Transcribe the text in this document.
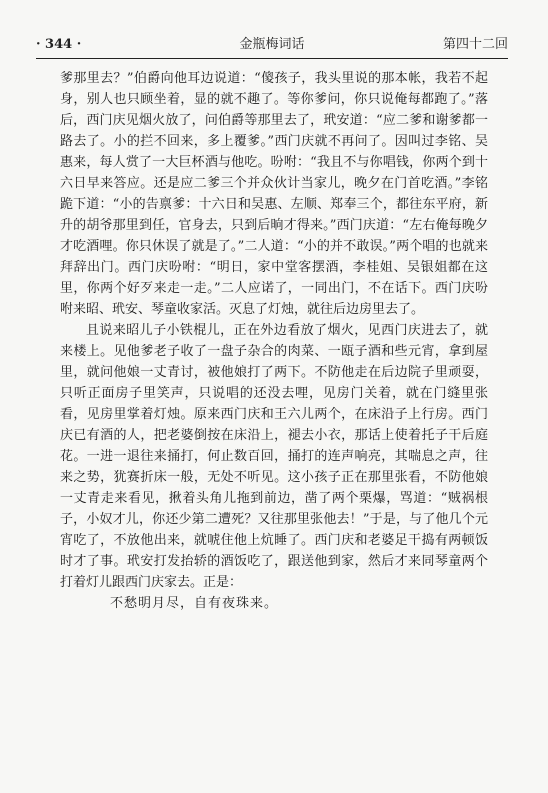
· 344 ·	金瓶梅词话	第四十二回

爹那里去？”伯爵向他耳边说道：“傻孩子，我头里说的那本帐，我若不起身，别人也只顾坐着，显的就不趣了。等你爹问，你只说俺每都跑了。”落后，西门庆见烟火放了，问伯爵等那里去了，玳安道：“应二爹和谢爹都一路去了。小的拦不回来，多上覆爹。”西门庆就不再问了。因叫过李铭、吴惠来，每人赏了一大巨杯酒与他吃。吩咐：“我且不与你唱钱，你两个到十六日早来答应。还是应二爹三个并众伙计当家儿，晚夕在门首吃酒。”李铭跪下道：“小的告禀爹：十六日和吴惠、左顺、郑奉三个，都往东平府，新升的胡爷那里到任，官身去，只到后晌才得来。”西门庆道：“左右俺每晚夕才吃酒哩。你只休误了就是了。”二人道：“小的并不敢误。”两个唱的也就来拜辞出门。西门庆吩咐：“明日，家中堂客摆酒，李桂姐、吴银姐都在这里，你两个好歹来走一走。”二人应诺了，一同出门，不在话下。西门庆吩咐来昭、玳安、琴童收家活。灭息了灯烛，就往后边房里去了。

且说来昭儿子小铁棍儿，正在外边看放了烟火，见西门庆进去了，就来楼上。见他爹老子收了一盘子杂合的肉菜、一瓯子酒和些元宵，拿到屋里，就问他娘一丈青讨，被他娘打了两下。不防他走在后边院子里顽耍，只听正面房子里笑声，只说唱的还没去哩，见房门关着，就在门缝里张看，见房里掌着灯烛。原来西门庆和王六儿两个，在床沿子上行房。西门庆已有酒的人，把老婆倒按在床沿上，褪去小衣，那话上使着托子干后庭花。一进一退往来捅打，何止数百回，捅打的连声响亮，其喘息之声，往来之势，犹赛折床一般，无处不听见。这小孩子正在那里张看，不防他娘一丈青走来看见，揪着头角儿拖到前边，凿了两个栗爆，骂道：“贼祸根子，小奴才儿，你还少第二遭死？又往那里张他去！”于是，与了他几个元宵吃了，不放他出来，就唬住他上炕睡了。西门庆和老婆足干捣有两顿饭时才了事。玳安打发抬轿的酒饭吃了，跟送他到家，然后才来同琴童两个打着灯儿跟西门庆家去。正是：

不愁明月尽，自有夜珠来。
